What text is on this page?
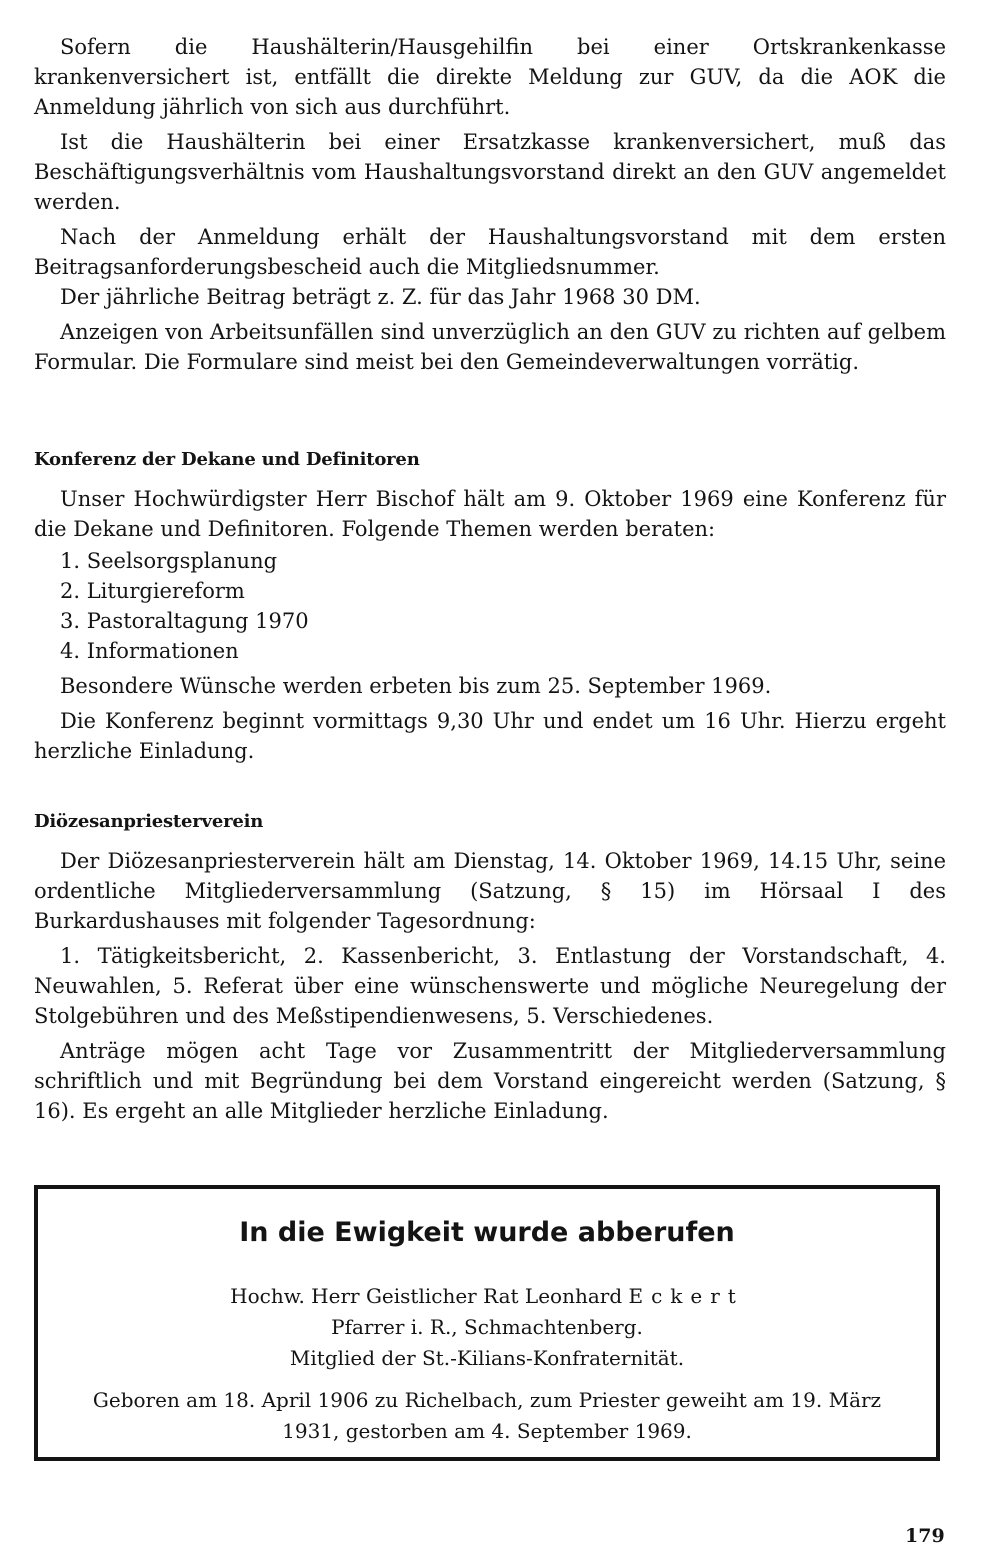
Sofern die Haushälterin/Hausgehilfin bei einer Ortskrankenkasse krankenversichert ist, entfällt die direkte Meldung zur GUV, da die AOK die Anmeldung jährlich von sich aus durchführt.

Ist die Haushälterin bei einer Ersatzkasse krankenversichert, muß das Beschäftigungsverhältnis vom Haushaltungsvorstand direkt an den GUV angemeldet werden.

Nach der Anmeldung erhält der Haushaltungsvorstand mit dem ersten Beitragsanforderungsbescheid auch die Mitgliedsnummer.

Der jährliche Beitrag beträgt z. Z. für das Jahr 1968 30 DM.

Anzeigen von Arbeitsunfällen sind unverzüglich an den GUV zu richten auf gelbem Formular. Die Formulare sind meist bei den Gemeindeverwaltungen vorrätig.

Konferenz der Dekane und Definitoren

Unser Hochwürdigster Herr Bischof hält am 9. Oktober 1969 eine Konferenz für die Dekane und Definitoren. Folgende Themen werden beraten:

1. Seelsorgsplanung
2. Liturgiereform
3. Pastoraltagung 1970
4. Informationen

Besondere Wünsche werden erbeten bis zum 25. September 1969.

Die Konferenz beginnt vormittags 9,30 Uhr und endet um 16 Uhr. Hierzu ergeht herzliche Einladung.

Diözesanpriesterverein

Der Diözesanpriesterverein hält am Dienstag, 14. Oktober 1969, 14.15 Uhr, seine ordentliche Mitgliederversammlung (Satzung, § 15) im Hörsaal I des Burkardushauses mit folgender Tagesordnung:

1. Tätigkeitsbericht, 2. Kassenbericht, 3. Entlastung der Vorstandschaft, 4. Neuwahlen, 5. Referat über eine wünschenswerte und mögliche Neuregelung der Stolgebühren und des Meßstipendienwesens, 5. Verschiedenes.

Anträge mögen acht Tage vor Zusammentritt der Mitgliederversammlung schriftlich und mit Begründung bei dem Vorstand eingereicht werden (Satzung, § 16). Es ergeht an alle Mitglieder herzliche Einladung.

In die Ewigkeit wurde abberufen
Hochw. Herr Geistlicher Rat Leonhard Eckert
Pfarrer i. R., Schmachtenberg.
Mitglied der St.-Kilians-Konfraternität.
Geboren am 18. April 1906 zu Richelbach, zum Priester geweiht am 19. März 1931, gestorben am 4. September 1969.
179
